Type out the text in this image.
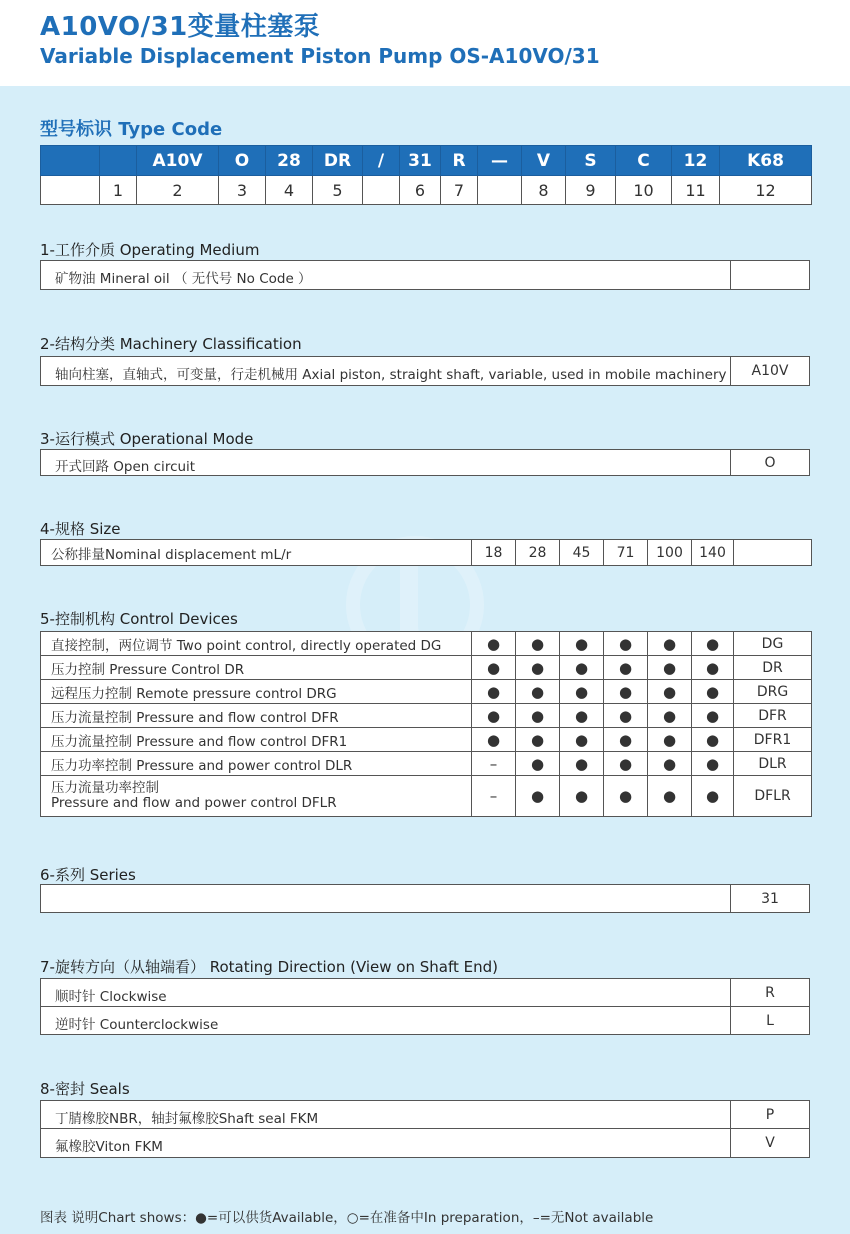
A10VO/31变量柱塞泵
Variable Displacement Piston Pump OS-A10VO/31
型号标识 Type Code
		A10V	O	28	DR	/	31	R	—	V	S	C	12	K68
	1	2	3	4	5		6	7		8	9	10	11	12
1-工作介质 Operating Medium
矿物油 Mineral oil （ 无代号 No Code ）
2-结构分类 Machinery Classification
轴向柱塞，直轴式，可变量，行走机械用 Axial piston, straight shaft, variable, used in mobile machinery	A10V
3-运行模式 Operational Mode
开式回路 Open circuit	O
4-规格 Size
公称排量Nominal displacement mL/r	18	28	45	71	100	140	
5-控制机构 Control Devices
直接控制，两位调节 Two point control, directly operated DG	●	●	●	●	●	●	DG
压力控制 Pressure Control DR	●	●	●	●	●	●	DR
远程压力控制 Remote pressure control DRG	●	●	●	●	●	●	DRG
压力流量控制 Pressure and flow control DFR	●	●	●	●	●	●	DFR
压力流量控制 Pressure and flow control DFR1	●	●	●	●	●	●	DFR1
压力功率控制 Pressure and power control DLR	–	●	●	●	●	●	DLR

压力流量功率控制
Pressure and flow and power control DFLR	–	●	●	●	●	●	DFLR
6-系列 Series
31
7-旋转方向（从轴端看） Rotating Direction (View on Shaft End)
顺时针 Clockwise	R
逆时针 Counterclockwise	L
8-密封 Seals
丁腈橡胶NBR，轴封氟橡胶Shaft seal FKM	P
氟橡胶Viton FKM	V
图表 说明Chart shows：●=可以供货Available，○=在准备中In preparation，–=无Not available
